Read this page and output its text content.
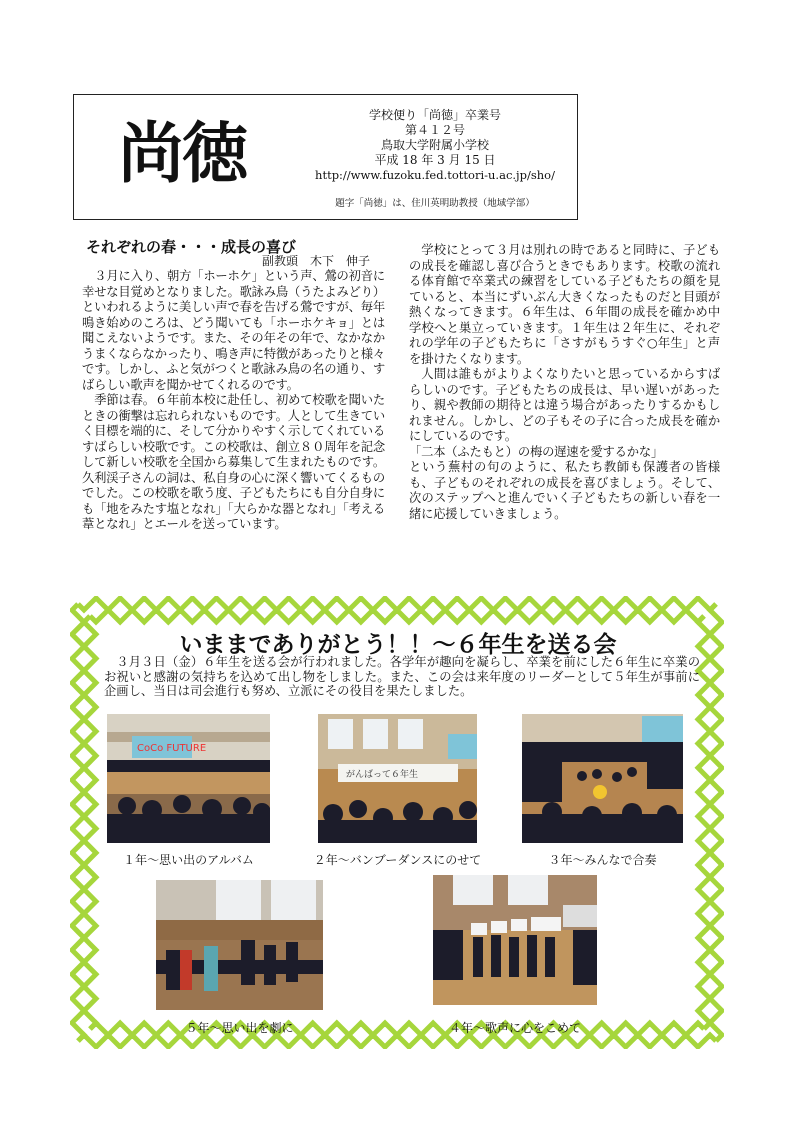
尚徳	学校便り「尚徳」卒業号
第４１２号
鳥取大学附属小学校
平成 18 年 3 月 15 日
http://www.fuzoku.fed.tottori-u.ac.jp/sho/
題字「尚徳」は、住川英明助教授（地域学部）
それぞれの春・・・成長の喜び
副教頭　木下　伸子

３月に入り、朝方「ホーホケ」という声、鶯の初音に幸せな目覚めとなりました。歌詠み鳥（うたよみどり）といわれるように美しい声で春を告げる鶯ですが、毎年鳴き始めのころは、どう聞いても「ホーホケキョ」とは聞こえないようです。また、その年その年で、なかなかうまくならなかったり、鳴き声に特徴があったりと様々です。しかし、ふと気がつくと歌詠み鳥の名の通り、すばらしい歌声を聞かせてくれるのです。

季節は春。６年前本校に赴任し、初めて校歌を聞いたときの衝撃は忘れられないものです。人として生きていく目標を端的に、そして分かりやすく示してくれているすばらしい校歌です。この校歌は、創立８０周年を記念して新しい校歌を全国から募集して生まれたものです。久利渓子さんの詞は、私自身の心に深く響いてくるものでした。この校歌を歌う度、子どもたちにも自分自身にも「地をみたす塩となれ」「大らかな器となれ」「考える葦となれ」とエールを送っています。

学校にとって３月は別れの時であると同時に、子どもの成長を確認し喜び合うときでもあります。校歌の流れる体育館で卒業式の練習をしている子どもたちの顔を見ていると、本当にずいぶん大きくなったものだと目頭が熱くなってきます。６年生は、６年間の成長を確かめ中学校へと巣立っていきます。１年生は２年生に、それぞれの学年の子どもたちに「さすがもうすぐ○年生」と声を掛けたくなります。

人間は誰もがよりよくなりたいと思っているからすばらしいのです。子どもたちの成長は、早い遅いがあったり、親や教師の期待とは違う場合があったりするかもしれません。しかし、どの子もその子に合った成長を確かにしているのです。

「二本（ふたもと）の梅の遅速を愛するかな」

という蕪村の句のように、私たち教師も保護者の皆様も、子どものそれぞれの成長を喜びましょう。そして、次のステップへと進んでいく子どもたちの新しい春を一緒に応援していきましょう。

いままでありがとう！！～６年生を送る会

３月３日（金）６年生を送る会が行われました。各学年が趣向を凝らし、卒業を前にした６年生に卒業のお祝いと感謝の気持ちを込めて出し物をしました。また、この会は来年度のリーダーとして５年生が事前に企画し、当日は司会進行も努め、立派にその役目を果たしました。

CoCo FUTURE
１年～思い出のアルバム
がんばって６年生
２年～バンブーダンスにのせて	３年～みんなで合奏
５年～思い出を劇に	４年～歌声に心をこめて
